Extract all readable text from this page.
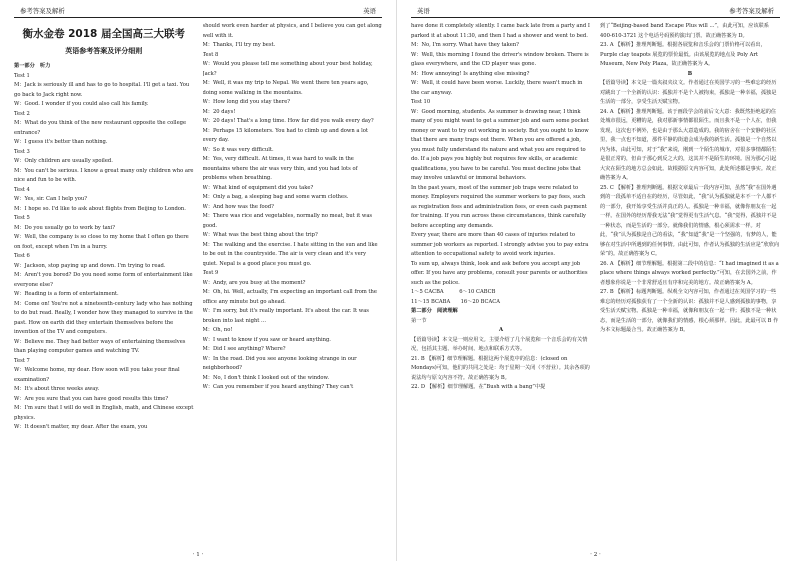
参考答案及解析	英语
衡水金卷 2018 届全国高三大联考
英语参考答案及评分细则

第一部分　听力

Test 1

M：Jack is seriously ill and has to go to hospital. I'll get a taxi. You go back to Jack right now.

W：Good. I wonder if you could also call his family.

Test 2

M：What do you think of the new restaurant opposite the college entrance?

W：I guess it's better than nothing.

Test 3

W：Only children are usually spoiled.

M：You can't be serious. I know a great many only children who are nice and fun to be with.

Test 4

W：Yes, sir. Can I help you?

M：I hope so. I'd like to ask about flights from Beijing to London.

Test 5

M：Do you usually go to work by taxi?

W：Well, the company is so close to my home that I often go there on foot, except when I'm in a hurry.

Test 6

W：Jackson, stop paying up and down. I'm trying to read.

M：Aren't you bored? Do you need some form of entertainment like everyone else?

W：Reading is a form of entertainment.

M：Come on! You're not a nineteenth-century lady who has nothing to do but read. Really, I wonder how they managed to survive in the past. How on earth did they entertain themselves before the invention of the TV and computers.

W：Believe me. They had better ways of entertaining themselves than playing computer games and watching TV.

Test 7

W：Welcome home, my dear. How soon will you take your final examination?

M：It's about three weeks away.

W：Are you sure that you can have good results this time?

M：I'm sure that I will do well in English, math, and Chinese except physics.

W：It doesn't matter, my dear. After the exam, you

should work even harder at physics, and I believe you can get along well with it.

M：Thanks, I'll try my best.

Test 8

W：Would you please tell me something about your best holiday, Jack?

M：Well, it was my trip to Nepal. We went there ten years ago, doing some walking in the mountains.

W：How long did you stay there?

M：20 days!

W：20 days! That's a long time. How far did you walk every day?

M：Perhaps 15 kilometers. You had to climb up and down a lot every day.

W：So it was very difficult.

M：Yes, very difficult. At times, it was hard to walk in the mountains where the air was very thin, and you had lots of problems when breathing.

W：What kind of equipment did you take?

M：Only a bag, a sleeping bag and some warm clothes.

W：And how was the food?

M：There was rice and vegetables, normally no meat, but it was good.

W：What was the best thing about the trip?

M：The walking and the exercise. I hate sitting in the sun and like to be out in the countryside. The air is very clean and it's very quiet. Nepal is a good place you must go.

Test 9

W：Andy, are you busy at the moment?

M：Oh, hi. Well, actually, I'm expecting an important call from the office any minute but go ahead.

W：I'm sorry, but it's really important. It's about the car. It was broken into last night ...

M：Oh, no!

W：I want to know if you saw or heard anything.

M：Did I see anything? Where?

W：In the road. Did you see anyone looking strange in our neighborhood?

M：No, I don't think I looked out of the window.

W：Can you remember if you heard anything? They can't

· 1 ·
英语	参考答案及解析

have done it completely silently. I came back late from a party and I parked it at about 11:30, and then I had a shower and went to bed.

M：No, I'm sorry. What have they taken?

W：Well, this morning I found the driver's window broken. There is glass everywhere, and the CD player was gone.

M：How annoying! Is anything else missing?

W：Well, it could have been worse. Luckily, there wasn't much in the car anyway.

Test 10

W：Good morning, students. As summer is drawing near, I think many of you might want to get a summer job and earn some pocket money or want to try out working in society. But you ought to know that there are many traps out there. When you are offered a job, you must fully understand its nature and what you are required to do. If a job pays you highly but requires few skills, or academic qualifications, you have to be careful. You must decline jobs that may involve unlawful or immoral behaviors.

In the past years, most of the summer job traps were related to money. Employers required the summer workers to pay fees, such as registration fees and administration fees, or even cash payment for training. If you run across these circumstances, think carefully before accepting any demands.

Every year, there are more than 40 cases of injuries related to summer job workers as reported. I strongly advise you to pay extra attention to occupational safety to avoid work injuries.

To sum up, always think, look and ask before you accept any job offer. If you have any problems, consult your parents or authorities such as the police.

1～5 CACBA　　　6～10 CABCB

11～15 BCABA　　16～20 BCACA

第二部分　阅读理解

第一节

A

【语篇导读】本文是一则应用文。主要介绍了几个展览和一个音乐会的有关情况，包括其主题、举办时间、地点和联系方式等。

21. B 【解析】细节理解题。根据这两个展览中的信息：(closed on Mondays)可知，他们的共同之处是：均于星期一关闭（不营业）。其余各项的说法均与原文内容不符。故正确答案为 B。

22. D 【解析】细节理解题。在“Bush with a bang”中提

到了“Beijing-based band Escape Plus will ...”，由此可知，应该联系 400-610-3721 这个电话号码预约演出门票。故正确答案为 D。

23. A 【解析】推理判断题。根据各展览和音乐会的门票价格可以看出，Purple clay teapots 展览的票价最低。由该展览的地点及 Poly Art Museum, New Poly Plaza。故正确答案为 A。

B

【语篇导读】本文是一篇夹叙夹议文。作者通过在英国学习的一些难忘的经历对跳出了一个全新的认识：孤独并不是个人被拘束，孤独是一种幸福，孤独是生活的一部分，享受生活天赋宝物。

24. A 【解析】推理判断题。该于画段学会的前后文大意：我既然拒绝起的住处城市很远，更糟的是，我对那新事情都很陌生。而且我不是一个人在，但我发现，这次也不例外，也是由于那么大意造成的。我的宿舍在一个安静的社区里，我一点也不知道，那件平静的街道会成为我的新生活。孤独是一个自然以内为体，由此可知，对于“我”来说，刚到一个陌生的城市，对很多事情都陌生是很正常的，但由于那心到反之大的，这其并不是陌生的环境。因为那心引起大灾在陌生的地方总会如此。故根据原文内容可知，此处所述都是事实。故正确答案为 A。

25. C 【解析】推理判断题。根据文章最后一段内容可知，虽然“我”在国外遇到的一段孤单不适自在的经历，尽管如此，“我”认为孤独就是本不一个人都不的一部分，我开始享受生活并真正的人。孤独是一种幸福，就像你朋友在一起一样。在国外的经历帮我无法“我”觉得更有生活气息。“我”觉得，孤独并不是一种状态，而是生活的一部分。就像我们的情感，根心须需求一样。对此，“我”认为孤独是自己的看法，“我”知道“我”是一个坚强的，有梦的人，能够在对生活中所遇到的任何事情。由此可知，作者认为孤独的生活应是“欣欣向荣”的。故正确答案为 C。

26. A 【解析】细节理解题。根据第二段中的信息：“I had imagined it as a place where things always worked perfectly.”可知，在去国外之前，作者想象你说是一个非常舒适且有序和完美的地方。故正确答案为 A。

27. B 【解析】标题判断题。纵观全文内容可知，作者通过在英国学习的一些难忘的经历对孤独获有了一个全新的认识：孤独并不是人感到孤独的事物，享受生活天赋宝物。孤独是一种幸福，就像和朋友在一起一样；孤独不是一种状态，而是生活的一部分，就像我们的情感，根心须那样。因此，此最可以 B 作为本文标题最合当。故正确答案为 B。

· 2 ·
